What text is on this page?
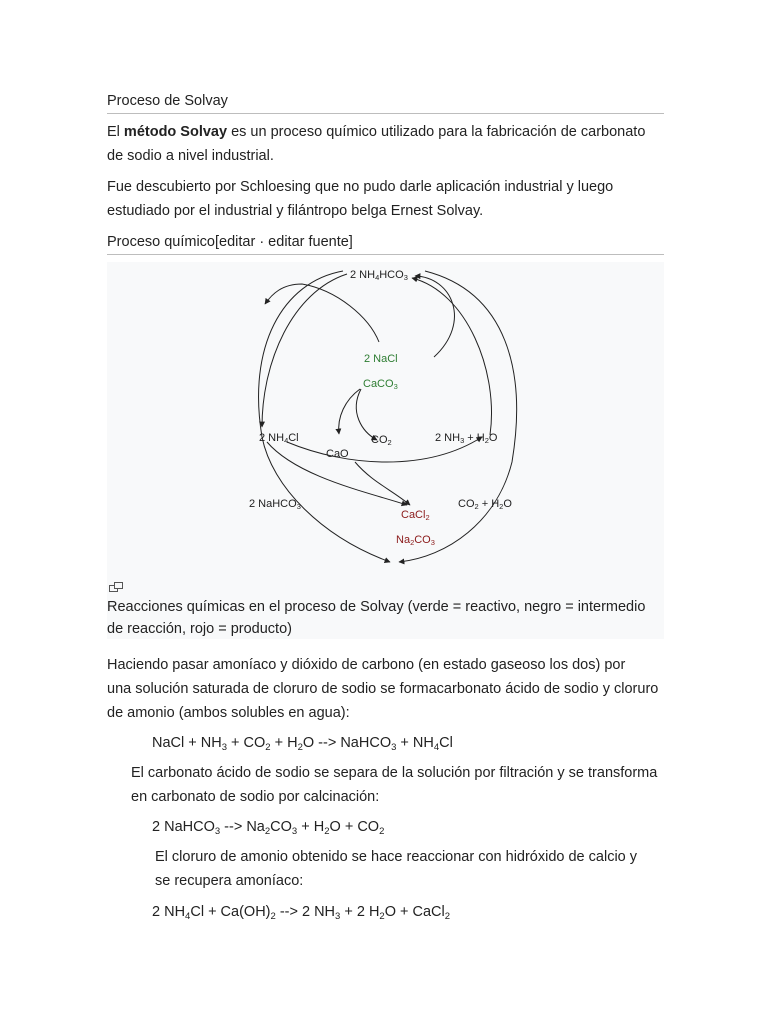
Proceso de Solvay

El método Solvay es un proceso químico utilizado para la fabricación de carbonato de sodio a nivel industrial.

Fue descubierto por Schloesing que no pudo darle aplicación industrial y luego estudiado por el industrial y filántropo belga Ernest Solvay.

Proceso químico[editar · editar fuente]
2 NH4HCO3
2 NaCl
CaCO3
2 NH4Cl	CO2	2 NH3 + H2O
CaO
2 NaHCO3	CO2 + H2O
CaCl2
Na2CO3
Reacciones químicas en el proceso de Solvay (verde = reactivo, negro = intermedio de reacción, rojo = producto)

Haciendo pasar amoníaco y dióxido de carbono (en estado gaseoso los dos) por
una solución saturada de cloruro de sodio se formacarbonato ácido de sodio y cloruro de amonio (ambos solubles en agua):

NaCl + $NH_3 + CO_2 + H_2O$ --> NaHCO$_3$ + $NH_4Cl$

El carbonato ácido de sodio se separa de la solución por filtración y se transforma en carbonato de sodio por calcinación:

2 NaHCO$_3$ --> $Na_2CO_3 + H_2O + CO_2$

El cloruro de amonio obtenido se hace reaccionar con hidróxido de calcio y se recupera amoníaco:

2 $NH_4Cl + Ca(OH)_2$ --> 2 $NH_3 + 2$ $H_2O$ + CaCl$_2$
